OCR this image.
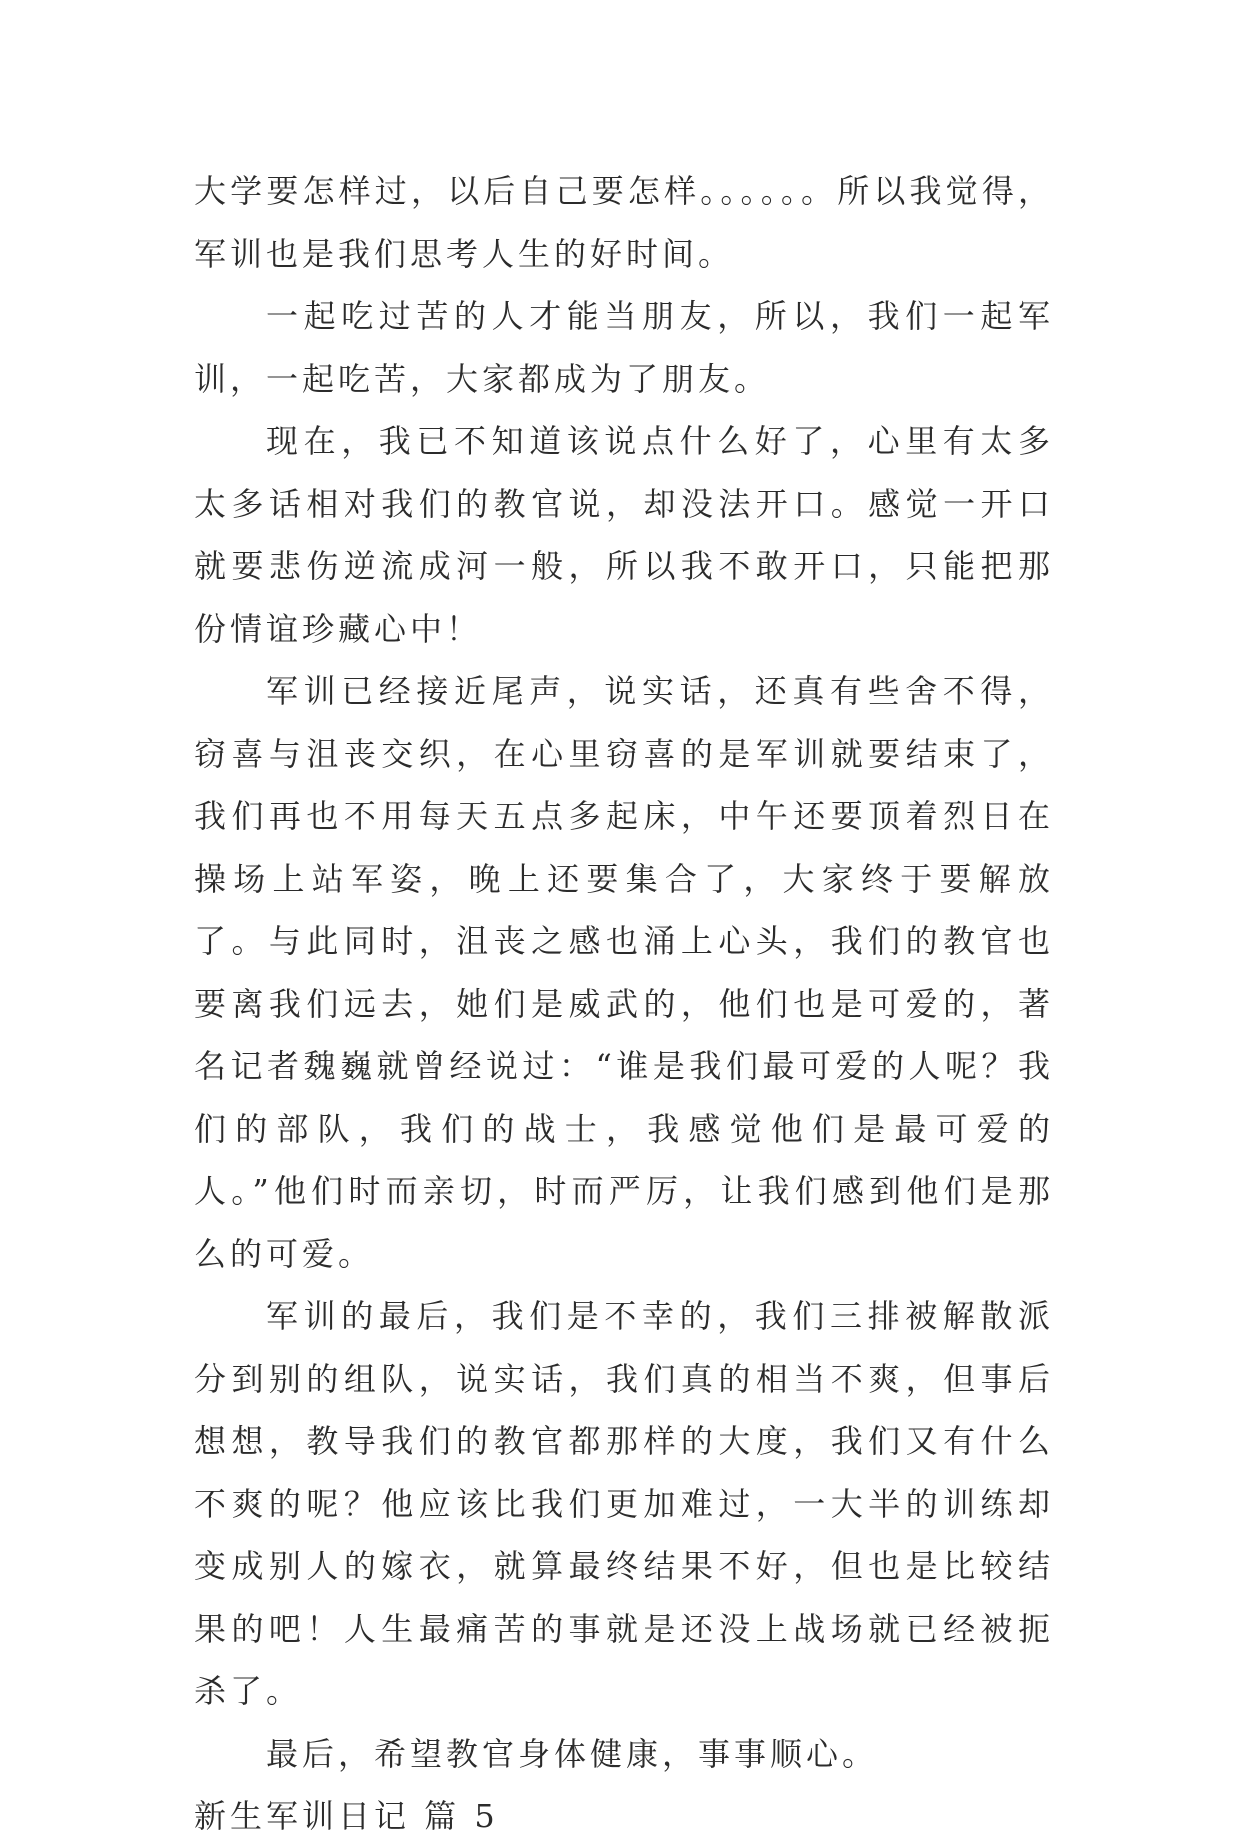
大学要怎样过，以后自己要怎样。。。。。。所以我觉得，军训也是我们思考人生的好时间。

一起吃过苦的人才能当朋友，所以，我们一起军训，一起吃苦，大家都成为了朋友。

现在，我已不知道该说点什么好了，心里有太多太多话相对我们的教官说，却没法开口。感觉一开口就要悲伤逆流成河一般，所以我不敢开口，只能把那份情谊珍藏心中！

军训已经接近尾声，说实话，还真有些舍不得，窃喜与沮丧交织，在心里窃喜的是军训就要结束了，我们再也不用每天五点多起床，中午还要顶着烈日在操场上站军姿，晚上还要集合了，大家终于要解放了。与此同时，沮丧之感也涌上心头，我们的教官也要离我们远去，她们是威武的，他们也是可爱的，著名记者魏巍就曾经说过：“谁是我们最可爱的人呢？我们的部队，我们的战士，我感觉他们是最可爱的人。”他们时而亲切，时而严厉，让我们感到他们是那么的可爱。

军训的最后，我们是不幸的，我们三排被解散派分到别的组队，说实话，我们真的相当不爽，但事后想想，教导我们的教官都那样的大度，我们又有什么不爽的呢？他应该比我们更加难过，一大半的训练却变成别人的嫁衣，就算最终结果不好，但也是比较结果的吧！人生最痛苦的事就是还没上战场就已经被扼杀了。

最后，希望教官身体健康，事事顺心。

新生军训日记 篇 5
